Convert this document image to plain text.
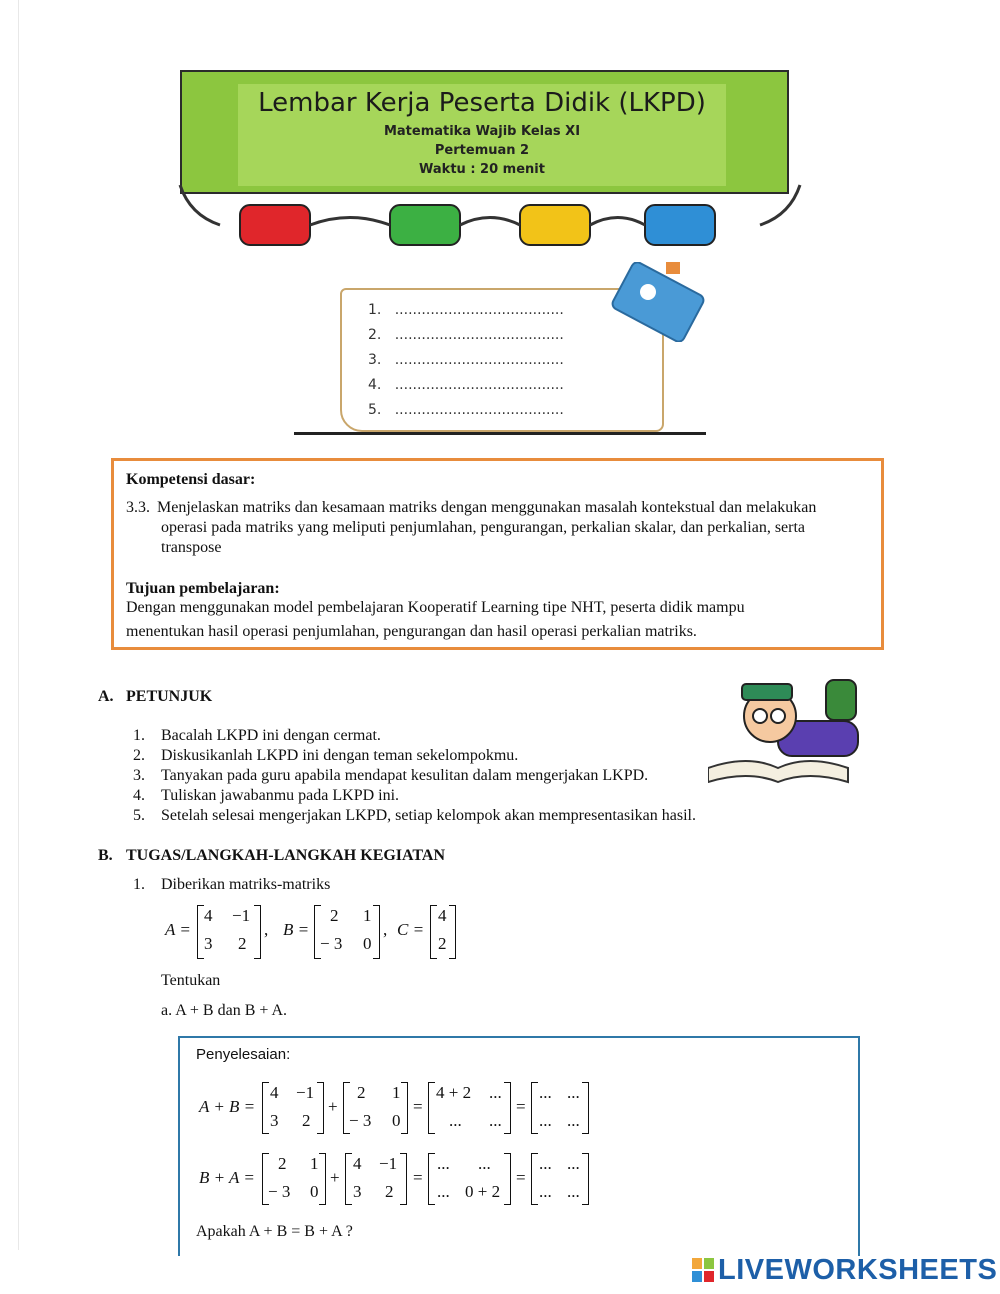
Lembar Kerja Peserta Didik (LKPD)
Matematika Wajib Kelas XI
Pertemuan 2
Waktu : 20 menit
1. ......................................
2. ......................................
3. ......................................
4. ......................................
5. ......................................
Kompetensi dasar:
3.3. Menjelaskan matriks dan kesamaan matriks dengan menggunakan masalah kontekstual dan melakukan
operasi pada matriks yang meliputi penjumlahan, pengurangan, perkalian skalar, dan perkalian, serta
transpose
Tujuan pembelajaran:
Dengan menggunakan model pembelajaran Kooperatif Learning tipe NHT, peserta didik mampu
menentukan hasil operasi penjumlahan, pengurangan dan hasil operasi perkalian matriks.
A. PETUNJUK
1. Bacalah LKPD ini dengan cermat.
2. Diskusikanlah LKPD ini dengan teman sekelompokmu.
3. Tanyakan pada guru apabila mendapat kesulitan dalam mengerjakan LKPD.
4. Tuliskan jawabanmu pada LKPD ini.
5. Setelah selesai mengerjakan LKPD, setiap kelompok akan mempresentasikan hasil.
B. TUGAS/LANGKAH-LANGKAH KEGIATAN
1. Diberikan matriks-matriks
A =
4 −1
3 2
, B =
2 1
− 3 0
, C =
4
2
Tentukan
a. A + B dan B + A.
Penyelesaian:
A + B =
4 −1
3 2
+
2 1
− 3 0
=
4 + 2 ...
... ...
=
... ...
... ...
B + A =
2 1
− 3 0
+
4 −1
3 2
=
... ...
... 0 + 2
=
... ...
... ...
Apakah A + B = B + A ?
LIVEWORKSHEETS
